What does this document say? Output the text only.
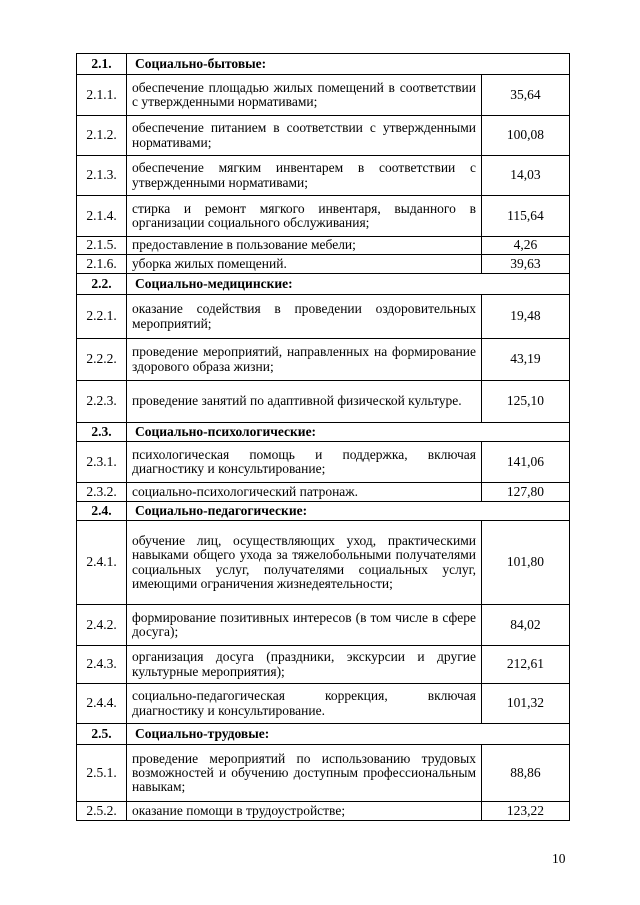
2.1.	Социально-бытовые:	
2.1.1.	обеспечение площадью жилых помещений в соответствии с утвержденными нормативами;	35,64
2.1.2.	обеспечение питанием в соответствии с утвержденными нормативами;	100,08
2.1.3.	обеспечение мягким инвентарем в соответствии с утвержденными нормативами;	14,03
2.1.4.	стирка и ремонт мягкого инвентаря, выданного в организации социального обслуживания;	115,64
2.1.5.	предоставление в пользование мебели;	4,26
2.1.6.	уборка жилых помещений.	39,63
2.2.	Социально-медицинские:	
2.2.1.	оказание содействия в проведении оздоровительных мероприятий;	19,48
2.2.2.	проведение мероприятий, направленных на формирование здорового образа жизни;	43,19
2.2.3.	проведение занятий по адаптивной физической культуре.	125,10
2.3.	Социально-психологические:	
2.3.1.	психологическая помощь и поддержка, включая диагностику и консультирование;	141,06
2.3.2.	социально-психологический патронаж.	127,80
2.4.	Социально-педагогические:	
2.4.1.	обучение лиц, осуществляющих уход, практическими навыками общего ухода за тяжелобольными получателями социальных услуг, получателями социальных услуг, имеющими ограничения жизнедеятельности;	101,80
2.4.2.	формирование позитивных интересов (в том числе в сфере досуга);	84,02
2.4.3.	организация досуга (праздники, экскурсии и другие культурные мероприятия);	212,61
2.4.4.	социально-педагогическая коррекция, включая диагностику и консультирование.	101,32
2.5.	Социально-трудовые:	
2.5.1.	проведение мероприятий по использованию трудовых возможностей и обучению доступным профессиональным навыкам;	88,86
2.5.2.	оказание помощи в трудоустройстве;	123,22
10
